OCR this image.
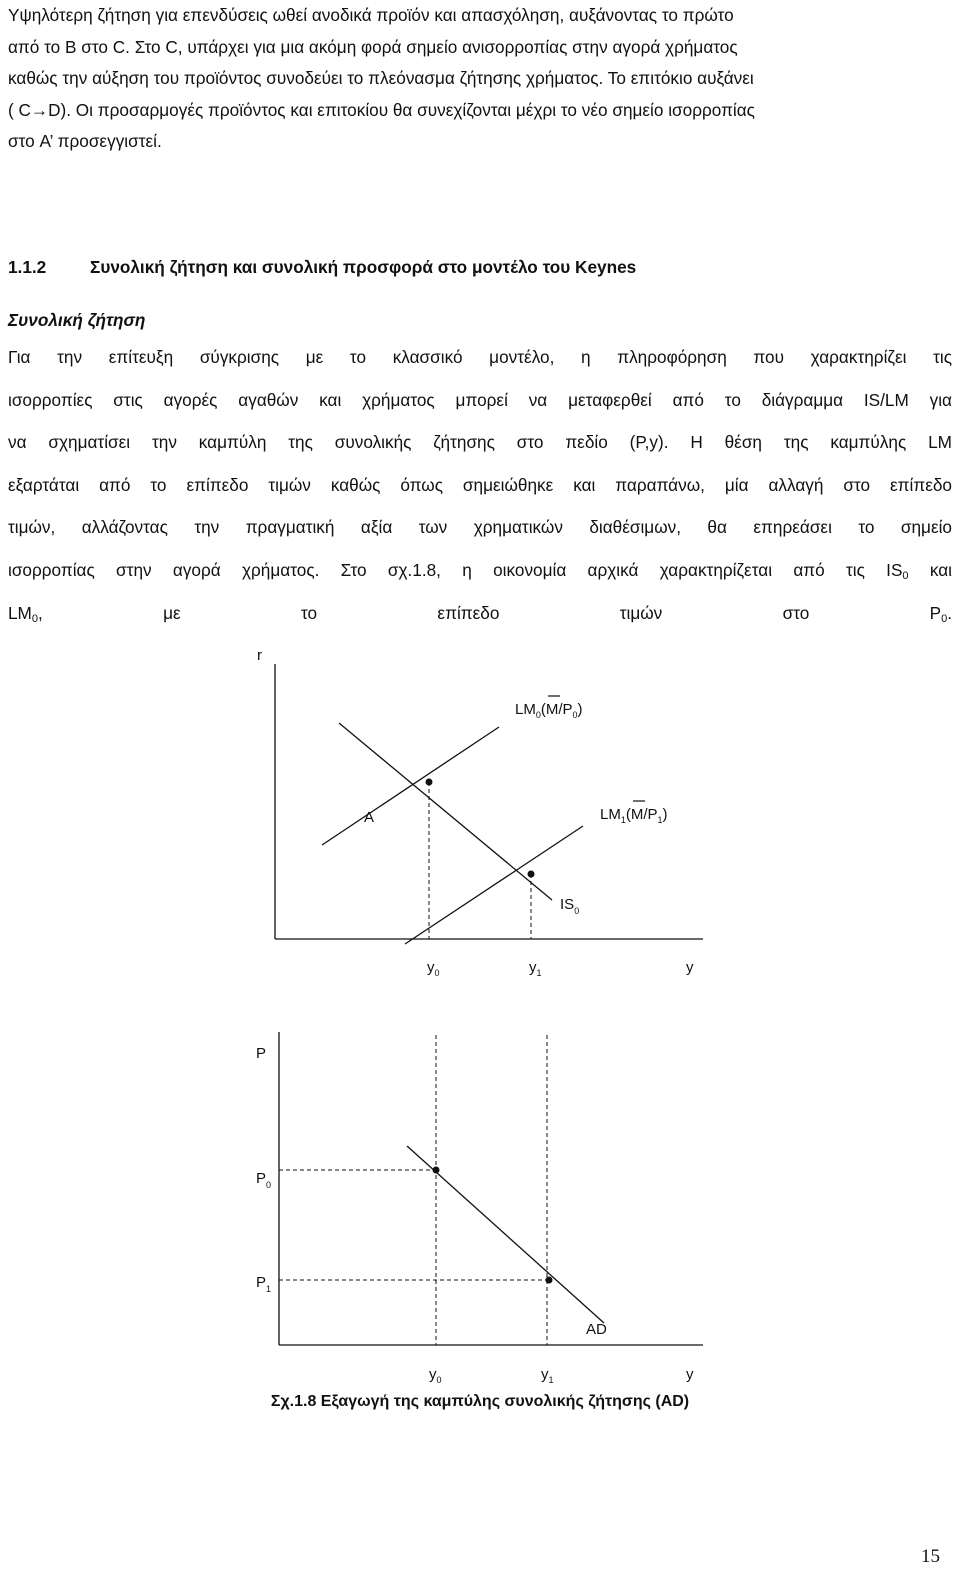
Υψηλότερη ζήτηση για επενδύσεις ωθεί ανοδικά προϊόν και απασχόληση, αυξάνοντας το πρώτο
από το B στο C. Στο C, υπάρχει για μια ακόμη φορά σημείο ανισορροπίας στην αγορά χρήματος
καθώς την αύξηση του προϊόντος συνοδεύει το πλεόνασμα ζήτησης χρήματος. Το επιτόκιο αυξάνει
( C→D). Οι προσαρμογές προϊόντος και επιτοκίου θα συνεχίζονται μέχρι το νέο σημείο ισορροπίας
στο A’ προσεγγιστεί.
1.1.2	Συνολική ζήτηση και συνολική προσφορά στο μοντέλο του Keynes
Συνολική ζήτηση
Για την επίτευξη σύγκρισης με το κλασσικό μοντέλο, η πληροφόρηση που χαρακτηρίζει τις
ισορροπίες στις αγορές αγαθών και χρήματος μπορεί να μεταφερθεί από το διάγραμμα IS/LM για
να σχηματίσει την καμπύλη της συνολικής ζήτησης στο πεδίο (P,y). Η θέση της καμπύλης LM
εξαρτάται από το επίπεδο τιμών καθώς όπως σημειώθηκε και παραπάνω, μία αλλαγή στο επίπεδο
τιμών, αλλάζοντας την πραγματική αξία των χρηματικών διαθέσιμων, θα επηρεάσει το σημείο
ισορροπίας στην αγορά χρήματος. Στο σχ.1.8, η οικονομία αρχικά χαρακτηρίζεται από τις $IS_0$ και
$LM_0$, με το επίπεδο τιμών στο $P_0$.
r
y
$LM_0(M/P_0)$
$LM_1(M/P_1)$
$IS_0$
A
$y_0$	$y_1$
P
y
$P_0$
$P_1$
AD
$y_0$	$y_1$
Σχ.1.8 Εξαγωγή της καμπύλης συνολικής ζήτησης (AD)
15
